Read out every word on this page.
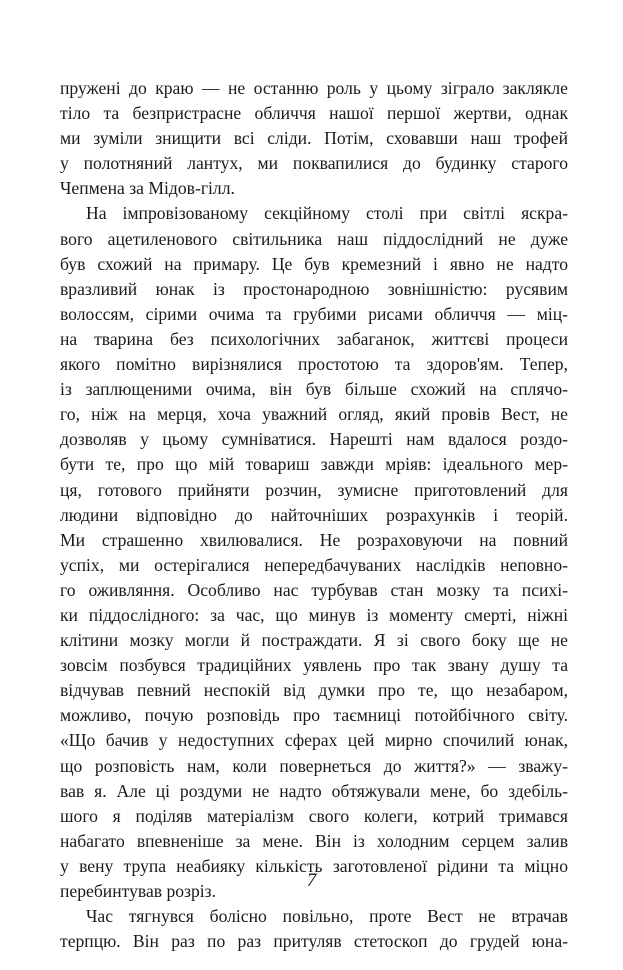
пружені до краю — не останню роль у цьому зіграло заклякле
тіло та безпристрасне обличчя нашої першої жертви, однак
ми зуміли знищити всі сліди. Потім, сховавши наш трофей
у полотняний лантух, ми поквапилися до будинку старого
Чепмена за Мідов-гілл.
На імпровізованому секційному столі при світлі яскра-
вого ацетиленового світильника наш піддослідний не дуже
був схожий на примару. Це був кремезний і явно не надто
вразливий юнак із простонародною зовнішністю: русявим
волоссям, сірими очима та грубими рисами обличчя — міц-
на тварина без психологічних забаганок, життєві процеси
якого помітно вирізнялися простотою та здоров'ям. Тепер,
із заплющеними очима, він був більше схожий на сплячо-
го, ніж на мерця, хоча уважний огляд, який провів Вест, не
дозволяв у цьому сумніватися. Нарешті нам вдалося роздо-
бути те, про що мій товариш завжди мріяв: ідеального мер-
ця, готового прийняти розчин, зумисне приготовлений для
людини відповідно до найточніших розрахунків і теорій.
Ми страшенно хвилювалися. Не розраховуючи на повний
успіх, ми остерігалися непередбачуваних наслідків неповно-
го оживляння. Особливо нас турбував стан мозку та психі-
ки піддослідного: за час, що минув із моменту смерті, ніжні
клітини мозку могли й постраждати. Я зі свого боку ще не
зовсім позбувся традиційних уявлень про так звану душу та
відчував певний неспокій від думки про те, що незабаром,
можливо, почую розповідь про таємниці потойбічного світу.
«Що бачив у недоступних сферах цей мирно спочилий юнак,
що розповість нам, коли повернеться до життя?» — зважу-
вав я. Але ці роздуми не надто обтяжували мене, бо здебіль-
шого я поділяв матеріалізм свого колеги, котрий тримався
набагато впевненіше за мене. Він із холодним серцем залив
у вену трупа неабияку кількість заготовленої рідини та міцно
перебинтував розріз.
Час тягнувся болісно повільно, проте Вест не втрачав
терпцю. Він раз по раз притуляв стетоскоп до грудей юна-
7
